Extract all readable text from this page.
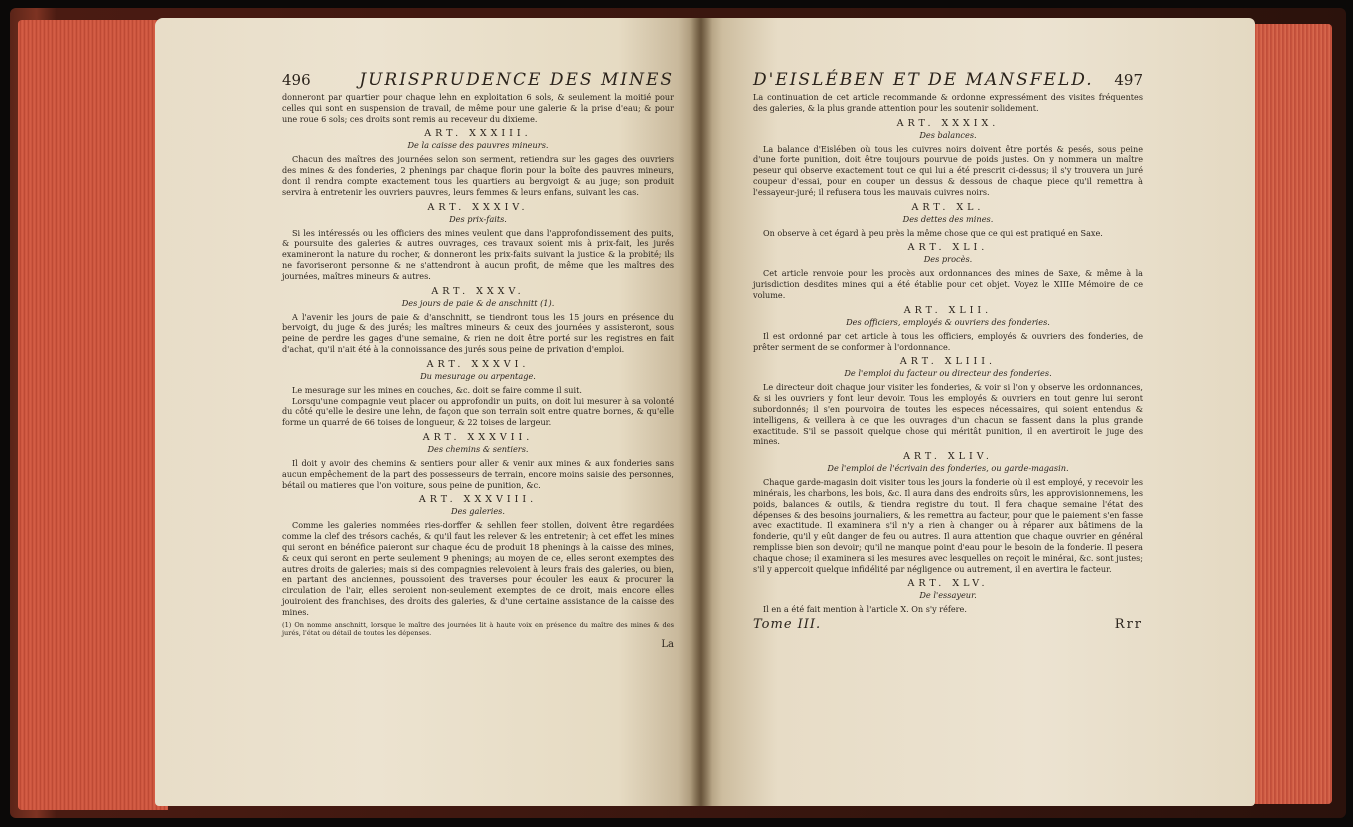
496	JURISPRUDENCE DES MINES

donneront par quartier pour chaque lehn en exploitation 6 sols, & seulement la moitié pour celles qui sont en suspension de travail, de même pour une galerie & la prise d'eau; & pour une roue 6 sols; ces droits sont remis au receveur du dixieme.

ART. XXXIII.
De la caisse des pauvres mineurs.

Chacun des maîtres des journées selon son serment, retiendra sur les gages des ouvriers des mines & des fonderies, 2 phenings par chaque florin pour la boîte des pauvres mineurs, dont il rendra compte exactement tous les quartiers au bergvoigt & au juge; son produit servira à entretenir les ouvriers pauvres, leurs femmes & leurs enfans, suivant les cas.

ART. XXXIV.
Des prix-faits.

Si les intéressés ou les officiers des mines veulent que dans l'approfondissement des puits, & poursuite des galeries & autres ouvrages, ces travaux soient mis à prix-fait, les jurés examineront la nature du rocher, & donneront les prix-faits suivant la justice & la probité; ils ne favoriseront personne & ne s'attendront à aucun profit, de même que les maîtres des journées, maîtres mineurs & autres.

ART. XXXV.
Des jours de paie & de anschnitt (1).

A l'avenir les jours de paie & d'anschnitt, se tiendront tous les 15 jours en présence du bervoigt, du juge & des jurés; les maîtres mineurs & ceux des journées y assisteront, sous peine de perdre les gages d'une semaine, & rien ne doit être porté sur les registres en fait d'achat, qu'il n'ait été à la connoissance des jurés sous peine de privation d'emploi.

ART. XXXVI.
Du mesurage ou arpentage.

Le mesurage sur les mines en couches, &c. doit se faire comme il suit.

Lorsqu'une compagnie veut placer ou approfondir un puits, on doit lui mesurer à sa volonté du côté qu'elle le desire une lehn, de façon que son terrain soit entre quatre bornes, & qu'elle forme un quarré de 66 toises de longueur, & 22 toises de largeur.

ART. XXXVII.
Des chemins & sentiers.

Il doit y avoir des chemins & sentiers pour aller & venir aux mines & aux fonderies sans aucun empêchement de la part des possesseurs de terrain, encore moins saisie des personnes, bétail ou matieres que l'on voiture, sous peine de punition, &c.

ART. XXXVIII.
Des galeries.

Comme les galeries nommées ries-dorffer & sehllen feer stollen, doivent être regardées comme la clef des trésors cachés, & qu'il faut les relever & les entretenir; à cet effet les mines qui seront en bénéfice paieront sur chaque écu de produit 18 phenings à la caisse des mines, & ceux qui seront en perte seulement 9 phenings; au moyen de ce, elles seront exemptes des autres droits de galeries; mais si des compagnies relevoient à leurs frais des galeries, ou bien, en partant des anciennes, poussoient des traverses pour écouler les eaux & procurer la circulation de l'air, elles seroient non-seulement exemptes de ce droit, mais encore elles jouiroient des franchises, des droits des galeries, & d'une certaine assistance de la caisse des mines.

(1) On nomme anschnitt, lorsque le maître des journées lit à haute voix en présence du maître des mines & des jurés, l'état ou détail de toutes les dépenses.

La
D'EISLÉBEN ET DE MANSFELD. 497

La continuation de cet article recommande & ordonne expressément des visites fréquentes des galeries, & la plus grande attention pour les soutenir solidement.

ART. XXXIX.
Des balances.

La balance d'Eislében où tous les cuivres noirs doivent être portés & pesés, sous peine d'une forte punition, doit être toujours pourvue de poids justes. On y nommera un maître peseur qui observe exactement tout ce qui lui a été prescrit ci-dessus; il s'y trouvera un juré coupeur d'essai, pour en couper un dessus & dessous de chaque piece qu'il remettra à l'essayeur-juré; il refusera tous les mauvais cuivres noirs.

ART. XL.
Des dettes des mines.

On observe à cet égard à peu près la même chose que ce qui est pratiqué en Saxe.

ART. XLI.
Des procès.

Cet article renvoie pour les procès aux ordonnances des mines de Saxe, & même à la jurisdiction desdites mines qui a été établie pour cet objet. Voyez le XIIIe Mémoire de ce volume.

ART. XLII.
Des officiers, employés & ouvriers des fonderies.

Il est ordonné par cet article à tous les officiers, employés & ouvriers des fonderies, de prêter serment de se conformer à l'ordonnance.

ART. XLIII.
De l'emploi du facteur ou directeur des fonderies.

Le directeur doit chaque jour visiter les fonderies, & voir si l'on y observe les ordonnances, & si les ouvriers y font leur devoir. Tous les employés & ouvriers en tout genre lui seront subordonnés; il s'en pourvoira de toutes les especes nécessaires, qui soient entendus & intelligens, & veillera à ce que les ouvrages d'un chacun se fassent dans la plus grande exactitude. S'il se passoit quelque chose qui méritât punition, il en avertiroit le juge des mines.

ART. XLIV.
De l'emploi de l'écrivain des fonderies, ou garde-magasin.

Chaque garde-magasin doit visiter tous les jours la fonderie où il est employé, y recevoir les minérais, les charbons, les bois, &c. Il aura dans des endroits sûrs, les approvisionnemens, les poids, balances & outils, & tiendra registre du tout. Il fera chaque semaine l'état des dépenses & des besoins journaliers, & les remettra au facteur, pour que le paiement s'en fasse avec exactitude. Il examinera s'il n'y a rien à changer ou à réparer aux bâtimens de la fonderie, qu'il y eût danger de feu ou autres. Il aura attention que chaque ouvrier en général remplisse bien son devoir; qu'il ne manque point d'eau pour le besoin de la fonderie. Il pesera chaque chose; il examinera si les mesures avec lesquelles on reçoit le minérai, &c. sont justes; s'il y appercoit quelque infidélité par négligence ou autrement, il en avertira le facteur.

ART. XLV.
De l'essayeur.

Il en a été fait mention à l'article X. On s'y réfere.

Tome III.	Rrr
